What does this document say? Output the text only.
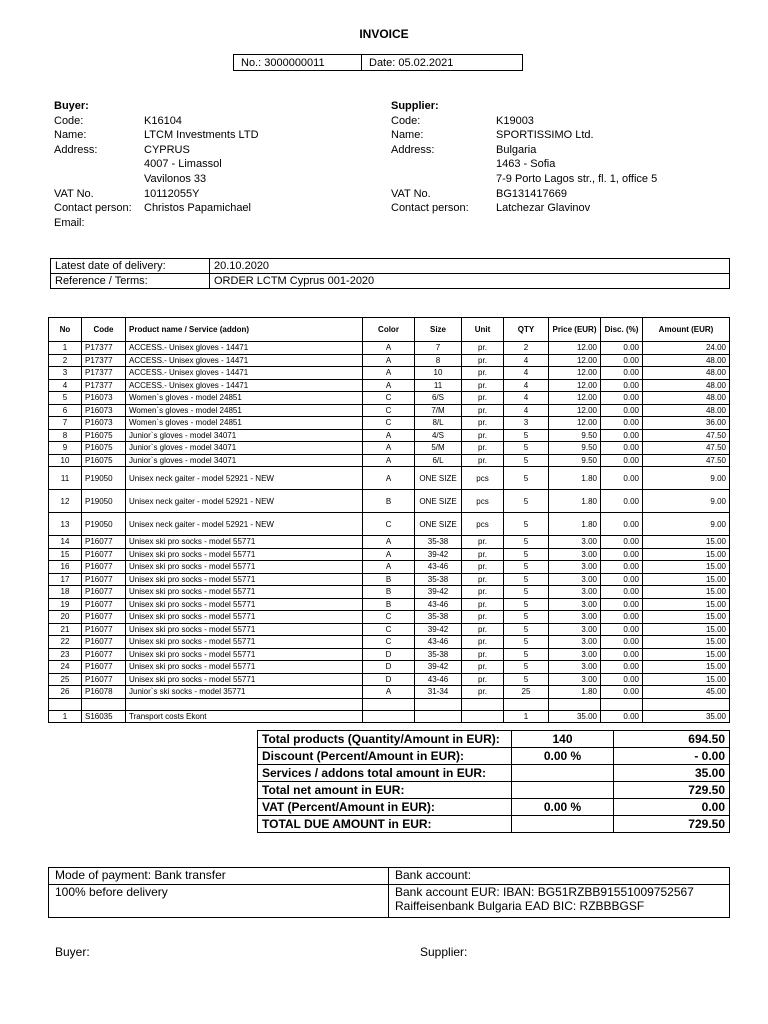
INVOICE
No.: 3000000011	Date: 05.02.2021
Buyer:
Code:	K16104
Name:	LTCM Investments LTD
Address:	CYPRUS
4007 - Limassol
Vavilonos 33
VAT No.	10112055Y
Contact person:	Christos Papamichael
Email:
Supplier:
Code:	K19003
Name:	SPORTISSIMO Ltd.
Address:	Bulgaria
1463 - Sofia
7-9 Porto Lagos str., fl. 1, office 5
VAT No.	BG131417669
Contact person:	Latchezar Glavinov
Latest date of delivery:	20.10.2020
Reference / Terms:	ORDER LCTM Cyprus 001-2020
No	Code	Product name / Service (addon)	Color	Size	Unit	QTY	Price (EUR)	Disc. (%)	Amount (EUR)
1	P17377	ACCESS.- Unisex gloves - 14471	A	7	pr.	2	12.00	0.00	24.00
2	P17377	ACCESS.- Unisex gloves - 14471	A	8	pr.	4	12.00	0.00	48.00
3	P17377	ACCESS.- Unisex gloves - 14471	A	10	pr.	4	12.00	0.00	48.00
4	P17377	ACCESS.- Unisex gloves - 14471	A	11	pr.	4	12.00	0.00	48.00
5	P16073	Women`s gloves - model 24851	C	6/S	pr.	4	12.00	0.00	48.00
6	P16073	Women`s gloves - model 24851	C	7/M	pr.	4	12.00	0.00	48.00
7	P16073	Women`s gloves - model 24851	C	8/L	pr.	3	12.00	0.00	36.00
8	P16075	Junior`s gloves - model 34071	A	4/S	pr.	5	9.50	0.00	47.50
9	P16075	Junior`s gloves - model 34071	A	5/M	pr.	5	9.50	0.00	47.50
10	P16075	Junior`s gloves - model 34071	A	6/L	pr.	5	9.50	0.00	47.50
11	P19050	Unisex neck gaiter - model 52921 - NEW	A	ONE SIZE	pcs	5	1.80	0.00	9.00
12	P19050	Unisex neck gaiter - model 52921 - NEW	B	ONE SIZE	pcs	5	1.80	0.00	9.00
13	P19050	Unisex neck gaiter - model 52921 - NEW	C	ONE SIZE	pcs	5	1.80	0.00	9.00
14	P16077	Unisex ski pro socks - model 55771	A	35-38	pr.	5	3.00	0.00	15.00
15	P16077	Unisex ski pro socks - model 55771	A	39-42	pr.	5	3.00	0.00	15.00
16	P16077	Unisex ski pro socks - model 55771	A	43-46	pr.	5	3.00	0.00	15.00
17	P16077	Unisex ski pro socks - model 55771	B	35-38	pr.	5	3.00	0.00	15.00
18	P16077	Unisex ski pro socks - model 55771	B	39-42	pr.	5	3.00	0.00	15.00
19	P16077	Unisex ski pro socks - model 55771	B	43-46	pr.	5	3.00	0.00	15.00
20	P16077	Unisex ski pro socks - model 55771	C	35-38	pr.	5	3.00	0.00	15.00
21	P16077	Unisex ski pro socks - model 55771	C	39-42	pr.	5	3.00	0.00	15.00
22	P16077	Unisex ski pro socks - model 55771	C	43-46	pr.	5	3.00	0.00	15.00
23	P16077	Unisex ski pro socks - model 55771	D	35-38	pr.	5	3.00	0.00	15.00
24	P16077	Unisex ski pro socks - model 55771	D	39-42	pr.	5	3.00	0.00	15.00
25	P16077	Unisex ski pro socks - model 55771	D	43-46	pr.	5	3.00	0.00	15.00
26	P16078	Junior`s ski socks - model 35771	A	31-34	pr.	25	1.80	0.00	45.00

1	S16035	Transport costs Ekont				1	35.00	0.00	35.00
Total products (Quantity/Amount in EUR):	140	694.50
Discount (Percent/Amount in EUR):	0.00 %	- 0.00
Services / addons total amount in EUR:		35.00
Total net amount in EUR:		729.50
VAT (Percent/Amount in EUR):	0.00 %	0.00
TOTAL DUE AMOUNT in EUR:		729.50
Mode of payment: Bank transfer	Bank account:
100% before delivery	Bank account EUR: IBAN: BG51RZBB91551009752567
Raiffeisenbank Bulgaria EAD BIC: RZBBBGSF
Buyer:	Supplier:
